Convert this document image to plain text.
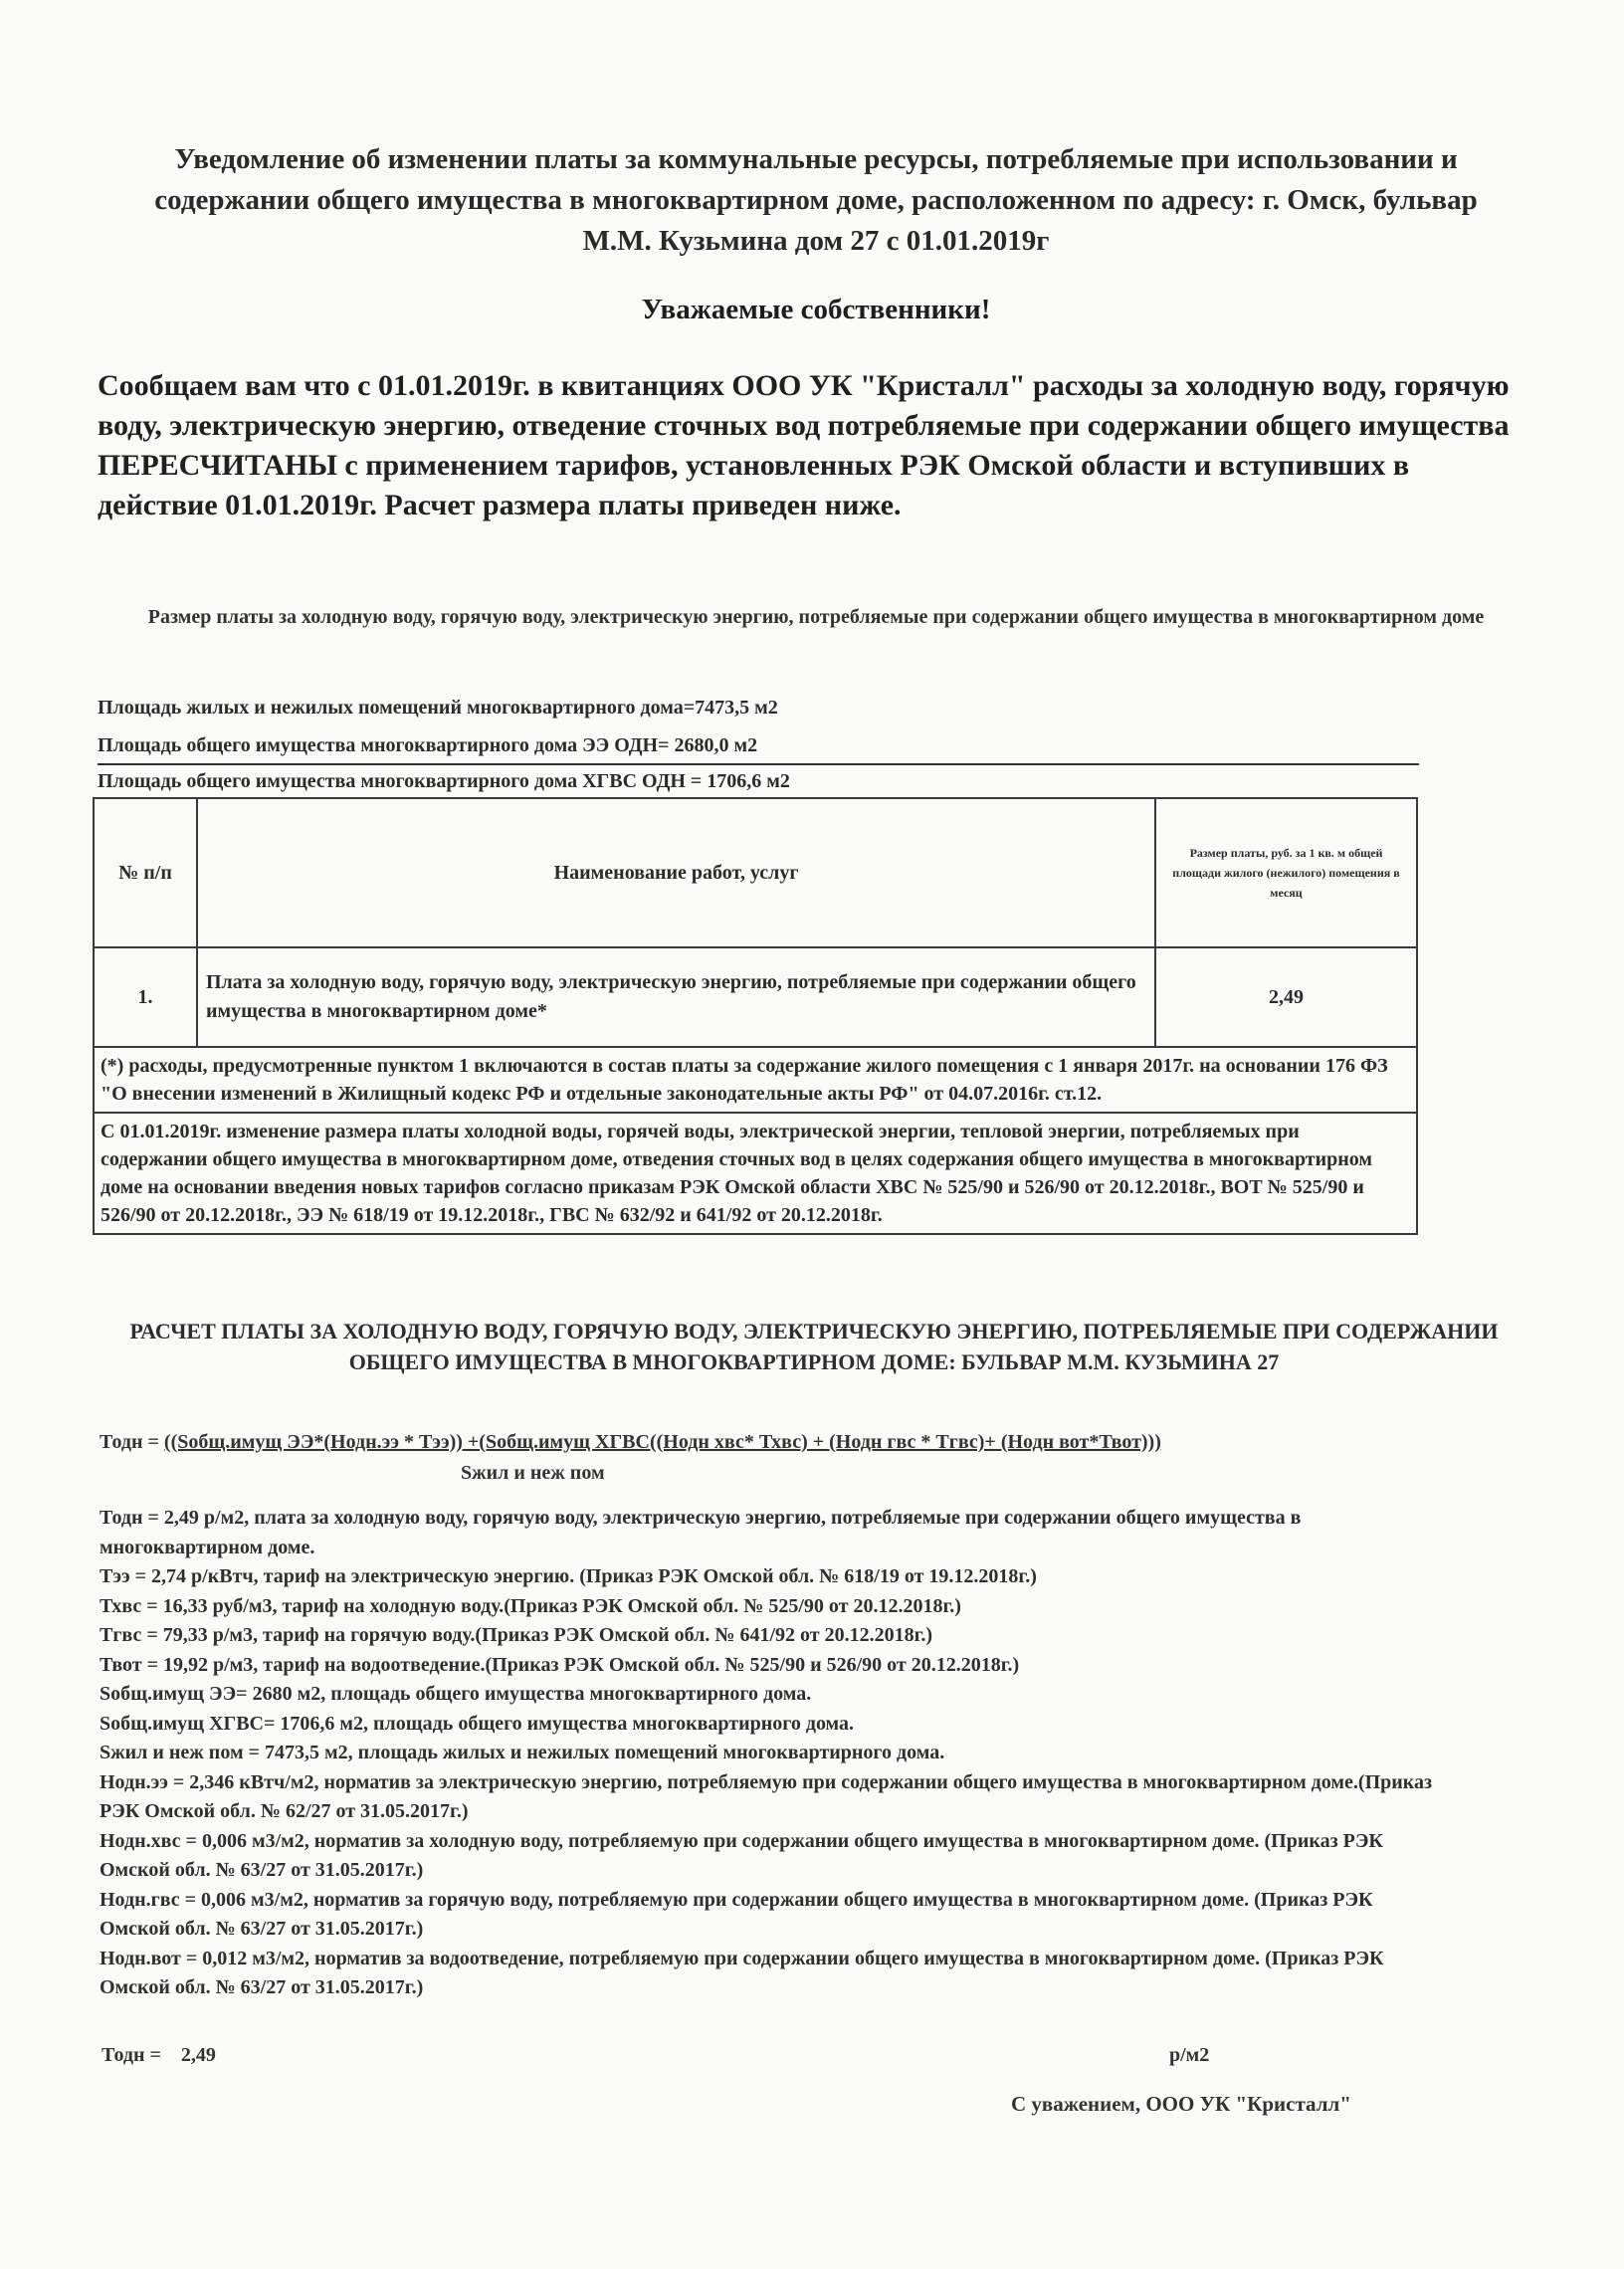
Уведомление об изменении платы за коммунальные ресурсы, потребляемые при использовании и содержании общего имущества в многоквартирном доме, расположенном по адресу: г. Омск, бульвар М.М. Кузьмина дом 27 с 01.01.2019г
Уважаемые собственники!
Сообщаем вам что с 01.01.2019г. в квитанциях ООО УК "Кристалл" расходы за холодную воду, горячую воду, электрическую энергию, отведение сточных вод потребляемые при содержании общего имущества ПЕРЕСЧИТАНЫ с применением тарифов, установленных РЭК Омской области и вступивших в действие 01.01.2019г. Расчет размера платы приведен ниже.
Размер платы за холодную воду, горячую воду, электрическую энергию, потребляемые при содержании общего имущества в многоквартирном доме
Площадь жилых и нежилых помещений многоквартирного дома=7473,5 м2
Площадь общего имущества многоквартирного дома ЭЭ ОДН= 2680,0 м2
Площадь общего имущества многоквартирного дома ХГВС ОДН = 1706,6 м2
№ п/п	Наименование работ, услуг	Размер платы, руб. за 1 кв. м общей площади жилого (нежилого) помещения в месяц
1.	Плата за холодную воду, горячую воду, электрическую энергию, потребляемые при содержании общего имущества в многоквартирном доме*	2,49
(*) расходы, предусмотренные пунктом 1 включаются в состав платы за содержание жилого помещения с 1 января 2017г. на основании 176 ФЗ "О внесении изменений в Жилищный кодекс РФ и отдельные законодательные акты РФ" от 04.07.2016г. ст.12.		
С 01.01.2019г. изменение размера платы холодной воды, горячей воды, электрической энергии, тепловой энергии, потребляемых при содержании общего имущества в многоквартирном доме, отведения сточных вод в целях содержания общего имущества в многоквартирном доме на основании введения новых тарифов согласно приказам РЭК Омской области ХВС № 525/90 и 526/90 от 20.12.2018г., ВОТ № 525/90 и 526/90 от 20.12.2018г., ЭЭ № 618/19 от 19.12.2018г., ГВС № 632/92 и 641/92 от 20.12.2018г.		
РАСЧЕТ ПЛАТЫ ЗА ХОЛОДНУЮ ВОДУ, ГОРЯЧУЮ ВОДУ, ЭЛЕКТРИЧЕСКУЮ ЭНЕРГИЮ, ПОТРЕБЛЯЕМЫЕ ПРИ СОДЕРЖАНИИ ОБЩЕГО ИМУЩЕСТВА В МНОГОКВАРТИРНОМ ДОМЕ: БУЛЬВАР М.М. КУЗЬМИНА 27
Тодн = ((Sобщ.имущ ЭЭ*(Нодн.ээ * Тээ)) +(Sобщ.имущ ХГВС((Нодн хвс* Тхвс) + (Нодн гвс * Тгвс)+ (Нодн вот*Твот)))
Sжил и неж пом

Тодн = 2,49 р/м2, плата за холодную воду, горячую воду, электрическую энергию, потребляемые при содержании общего имущества в многоквартирном доме.

Тээ = 2,74 р/кВтч, тариф на электрическую энергию. (Приказ РЭК Омской обл. № 618/19 от 19.12.2018г.)

Тхвс = 16,33 руб/м3, тариф на холодную воду.(Приказ РЭК Омской обл. № 525/90 от 20.12.2018г.)

Тгвс = 79,33 р/м3, тариф на горячую воду.(Приказ РЭК Омской обл. № 641/92 от 20.12.2018г.)

Твот = 19,92 р/м3, тариф на водоотведение.(Приказ РЭК Омской обл. № 525/90 и 526/90 от 20.12.2018г.)

Sобщ.имущ ЭЭ= 2680 м2, площадь общего имущества многоквартирного дома.

Sобщ.имущ ХГВС= 1706,6 м2, площадь общего имущества многоквартирного дома.

Sжил и неж пом = 7473,5 м2, площадь жилых и нежилых помещений многоквартирного дома.

Нодн.ээ = 2,346 кВтч/м2, норматив за электрическую энергию, потребляемую при содержании общего имущества в многоквартирном доме.(Приказ РЭК Омской обл. № 62/27 от 31.05.2017г.)

Нодн.хвс = 0,006 м3/м2, норматив за холодную воду, потребляемую при содержании общего имущества в многоквартирном доме. (Приказ РЭК Омской обл. № 63/27 от 31.05.2017г.)

Нодн.гвс = 0,006 м3/м2, норматив за горячую воду, потребляемую при содержании общего имущества в многоквартирном доме. (Приказ РЭК Омской обл. № 63/27 от 31.05.2017г.)

Нодн.вот = 0,012 м3/м2, норматив за водоотведение, потребляемую при содержании общего имущества в многоквартирном доме. (Приказ РЭК Омской обл. № 63/27 от 31.05.2017г.)

Тодн =    2,49	р/м2
С уважением, ООО УК "Кристалл"
